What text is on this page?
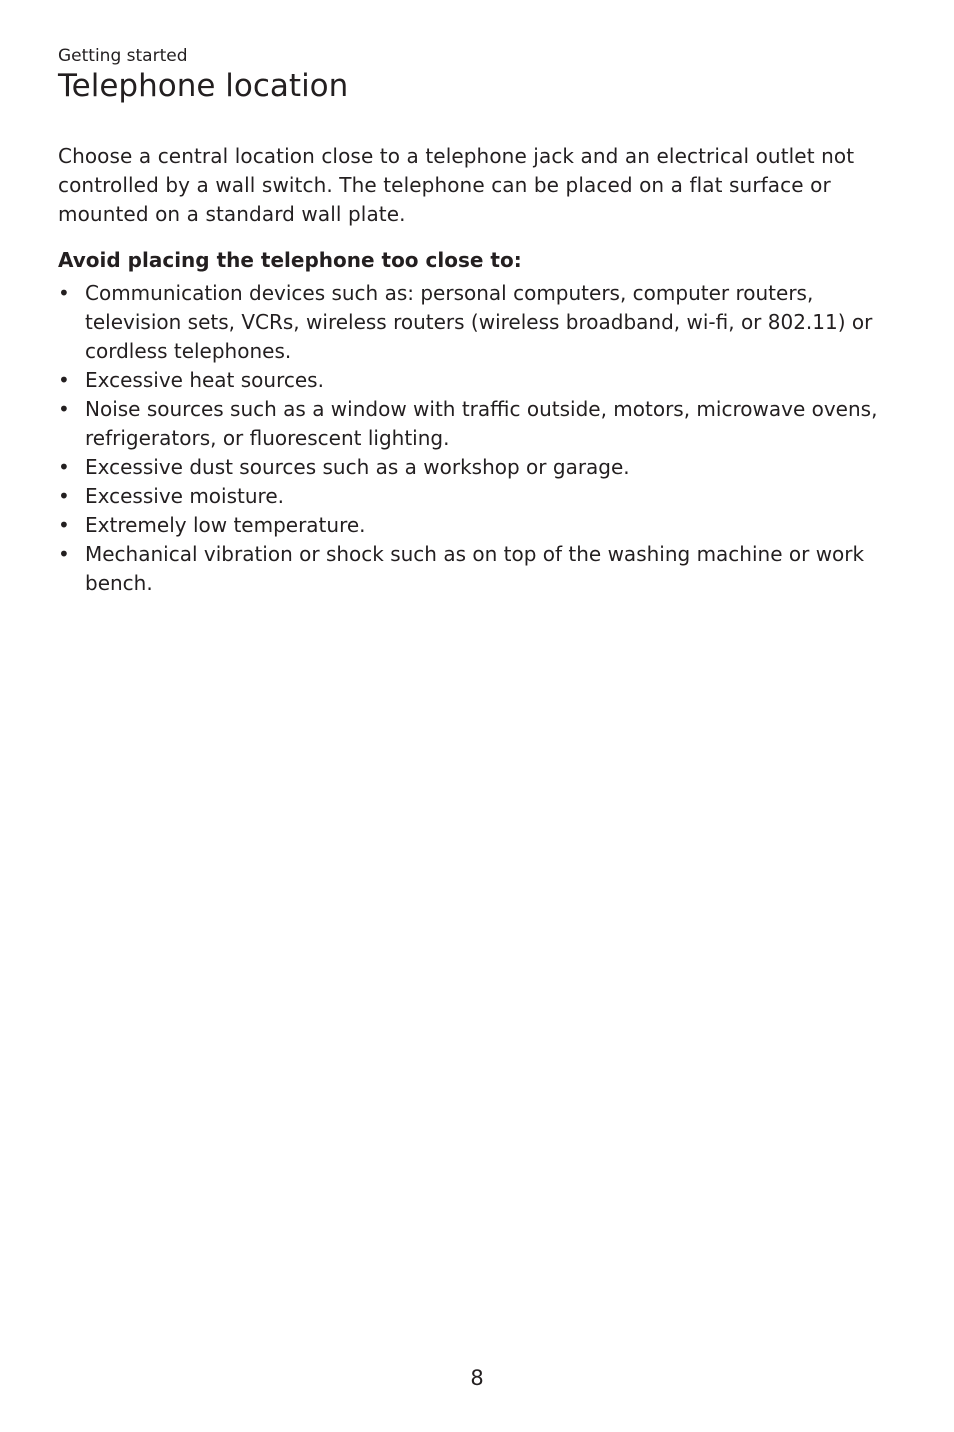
Getting started

Telephone location

Choose a central location close to a telephone jack and an electrical outlet not controlled by a wall switch. The telephone can be placed on a flat surface or mounted on a standard wall plate.

Avoid placing the telephone too close to:

• Communication devices such as: personal computers, computer routers, television sets, VCRs, wireless routers (wireless broadband, wi-fi, or 802.11) or cordless telephones.
• Excessive heat sources.
• Noise sources such as a window with traffic outside, motors, microwave ovens, refrigerators, or fluorescent lighting.
• Excessive dust sources such as a workshop or garage.
• Excessive moisture.
• Extremely low temperature.
• Mechanical vibration or shock such as on top of the washing machine or work bench.

8
